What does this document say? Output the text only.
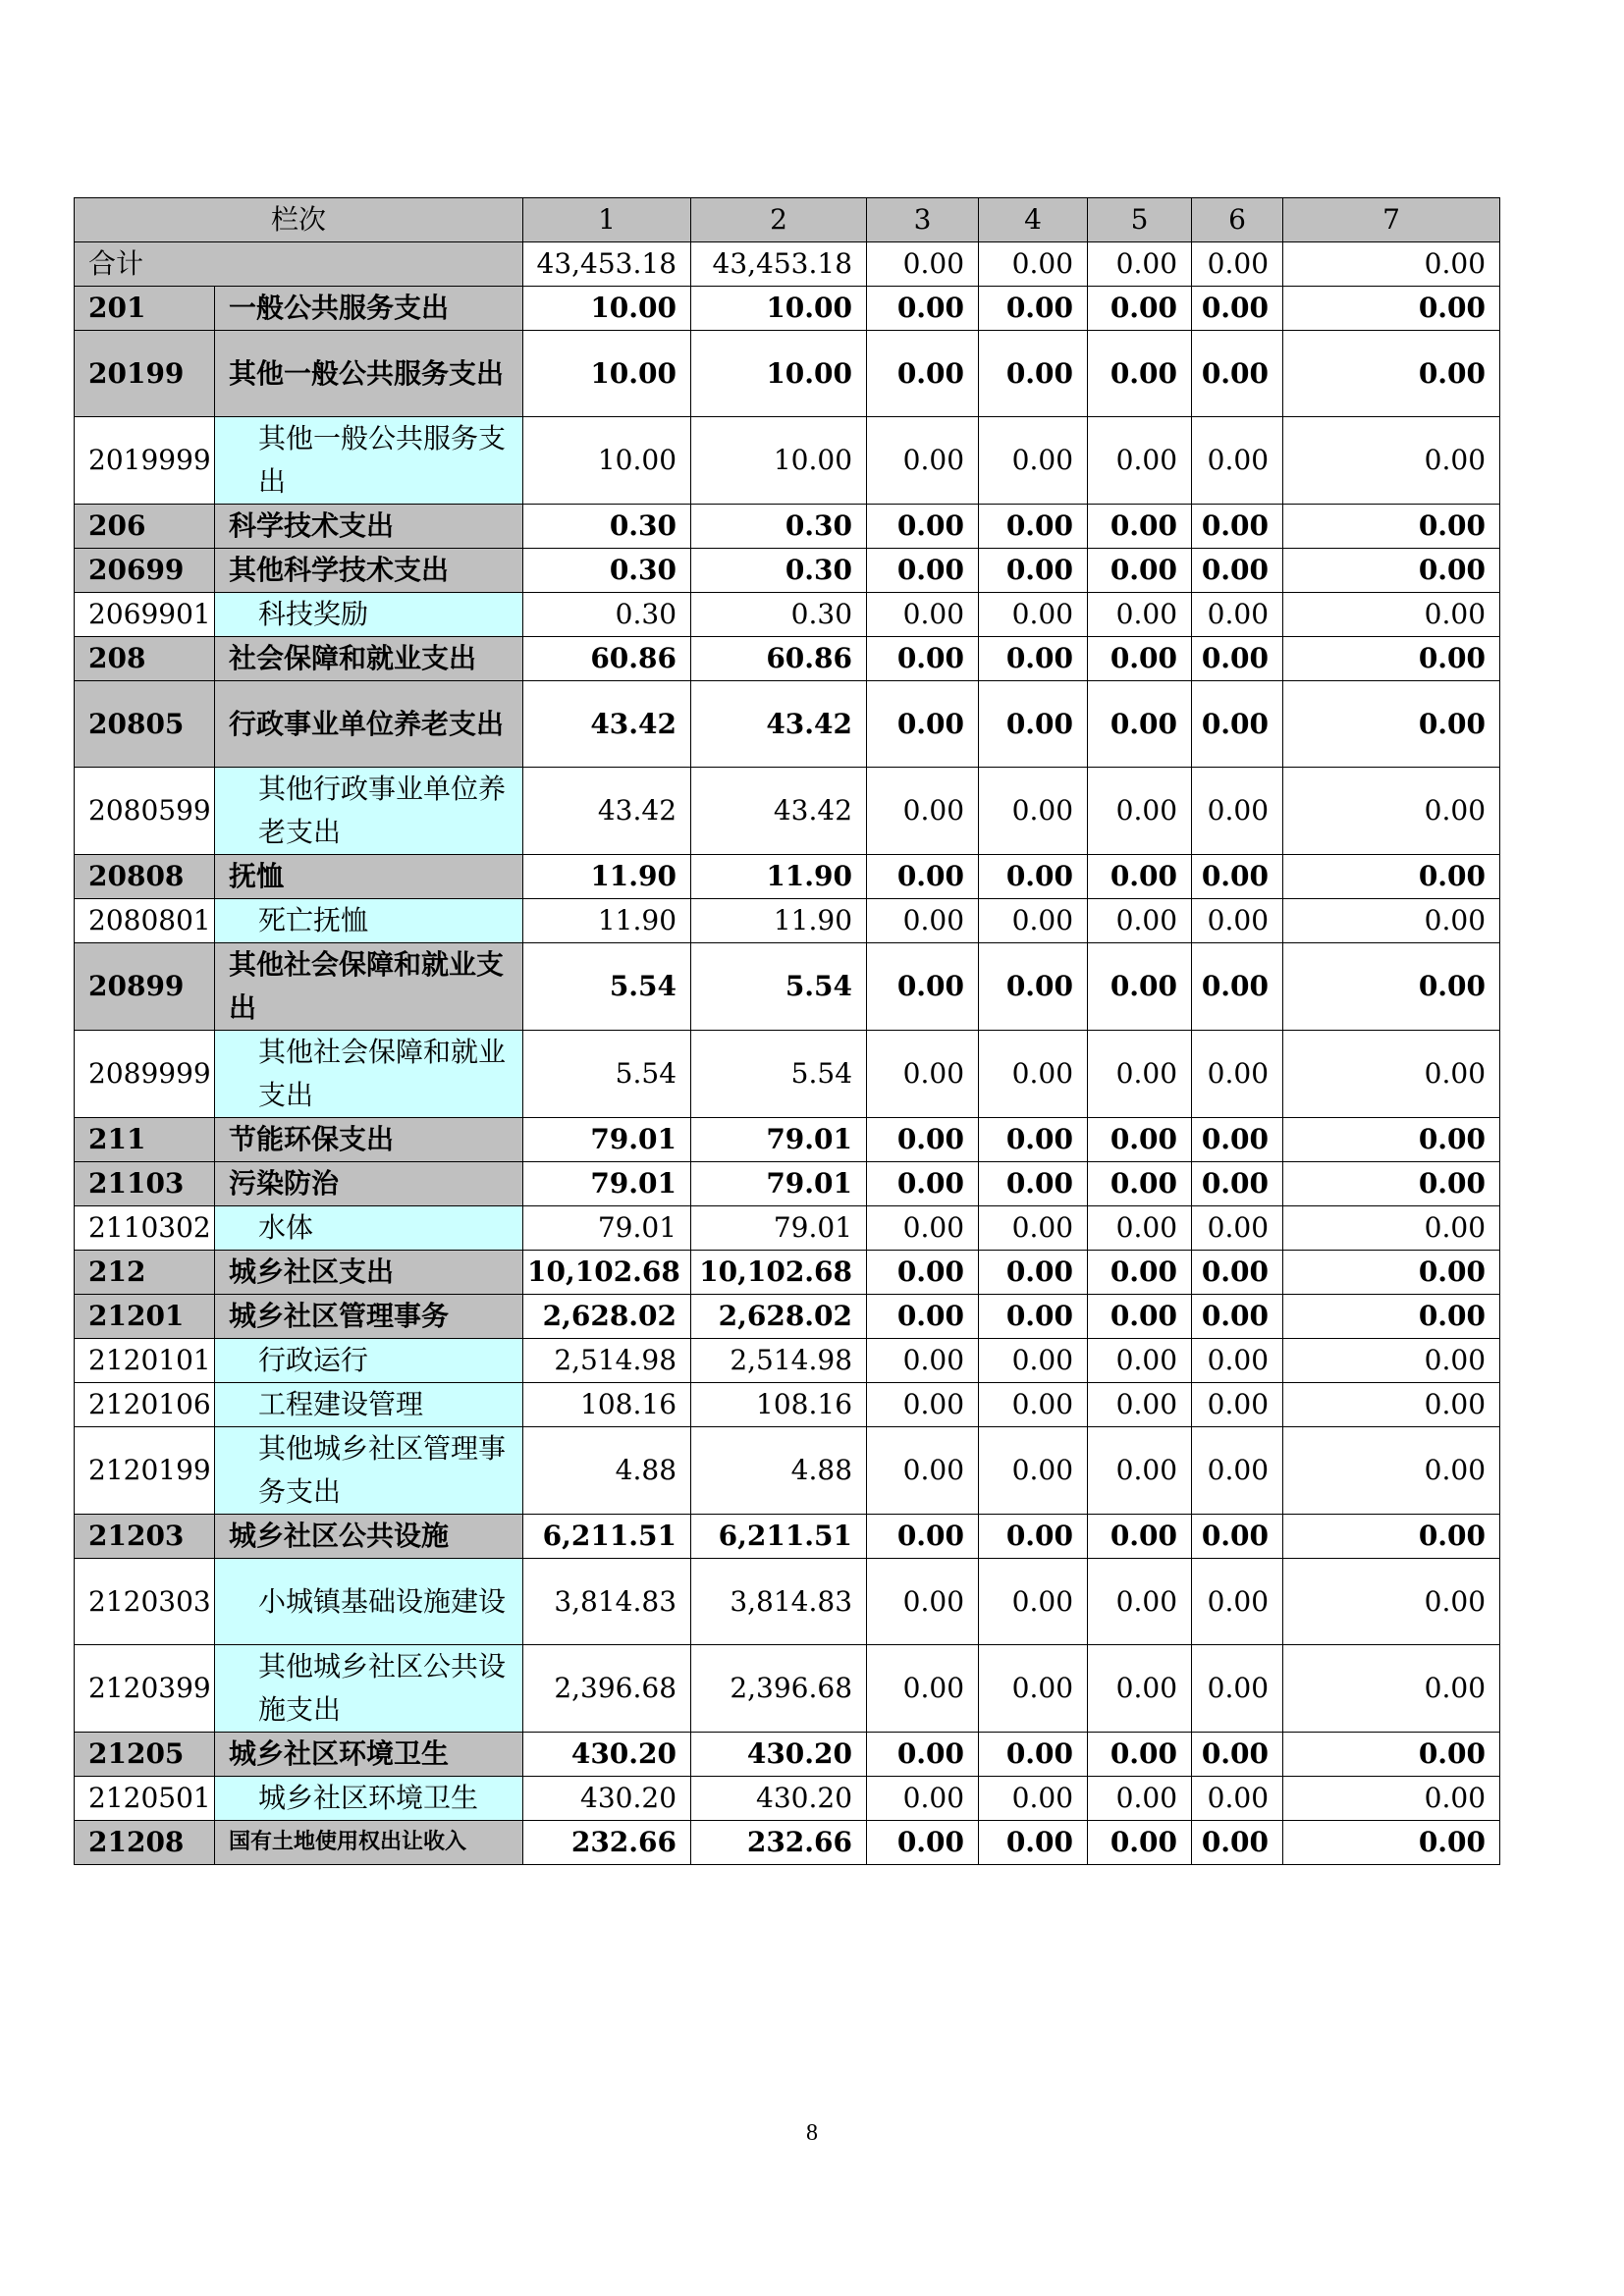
栏次		1	2	3	4	5	6	7
合计		43,453.18	43,453.18	0.00	0.00	0.00	0.00	0.00
201	一般公共服务支出	10.00	10.00	0.00	0.00	0.00	0.00	0.00
20199	其他一般公共服务支出	10.00	10.00	0.00	0.00	0.00	0.00	0.00
2019999	其他一般公共服务支出	10.00	10.00	0.00	0.00	0.00	0.00	0.00
206	科学技术支出	0.30	0.30	0.00	0.00	0.00	0.00	0.00
20699	其他科学技术支出	0.30	0.30	0.00	0.00	0.00	0.00	0.00
2069901	科技奖励	0.30	0.30	0.00	0.00	0.00	0.00	0.00
208	社会保障和就业支出	60.86	60.86	0.00	0.00	0.00	0.00	0.00
20805	行政事业单位养老支出	43.42	43.42	0.00	0.00	0.00	0.00	0.00
2080599	其他行政事业单位养老支出	43.42	43.42	0.00	0.00	0.00	0.00	0.00
20808	抚恤	11.90	11.90	0.00	0.00	0.00	0.00	0.00
2080801	死亡抚恤	11.90	11.90	0.00	0.00	0.00	0.00	0.00
20899	其他社会保障和就业支出	5.54	5.54	0.00	0.00	0.00	0.00	0.00
2089999	其他社会保障和就业支出	5.54	5.54	0.00	0.00	0.00	0.00	0.00
211	节能环保支出	79.01	79.01	0.00	0.00	0.00	0.00	0.00
21103	污染防治	79.01	79.01	0.00	0.00	0.00	0.00	0.00
2110302	水体	79.01	79.01	0.00	0.00	0.00	0.00	0.00
212	城乡社区支出	10,102.68	10,102.68	0.00	0.00	0.00	0.00	0.00
21201	城乡社区管理事务	2,628.02	2,628.02	0.00	0.00	0.00	0.00	0.00
2120101	行政运行	2,514.98	2,514.98	0.00	0.00	0.00	0.00	0.00
2120106	工程建设管理	108.16	108.16	0.00	0.00	0.00	0.00	0.00
2120199	其他城乡社区管理事务支出	4.88	4.88	0.00	0.00	0.00	0.00	0.00
21203	城乡社区公共设施	6,211.51	6,211.51	0.00	0.00	0.00	0.00	0.00
2120303	小城镇基础设施建设	3,814.83	3,814.83	0.00	0.00	0.00	0.00	0.00
2120399	其他城乡社区公共设施支出	2,396.68	2,396.68	0.00	0.00	0.00	0.00	0.00
21205	城乡社区环境卫生	430.20	430.20	0.00	0.00	0.00	0.00	0.00
2120501	城乡社区环境卫生	430.20	430.20	0.00	0.00	0.00	0.00	0.00
21208	国有土地使用权出让收入	232.66	232.66	0.00	0.00	0.00	0.00	0.00
8
